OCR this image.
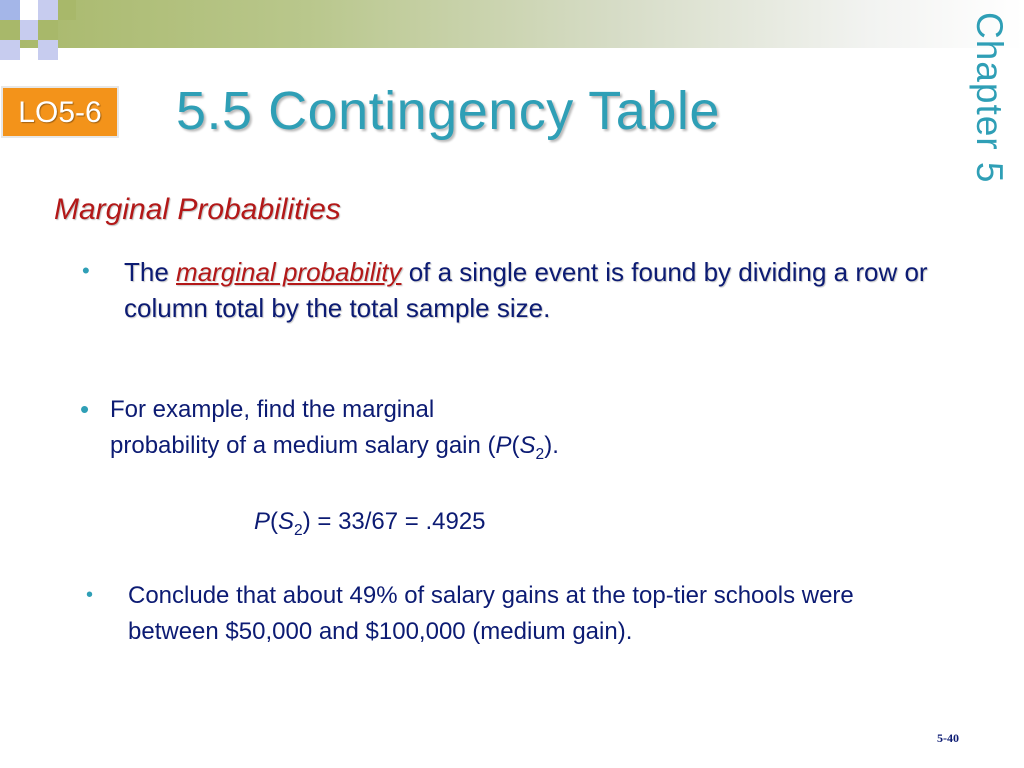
LO5-6	5.5 Contingency Table	Chapter 5
Marginal Probabilities
• The marginal probability of a single event is found by dividing a row or column total by the total sample size.
• For example, find the marginal
probability of a medium salary gain ($P(S_2)$.
$P(S_2) = 33/67 = .4925$
• Conclude that about 49% of salary gains at the top-tier schools were between $50,000 and $100,000 (medium gain).
5-40
